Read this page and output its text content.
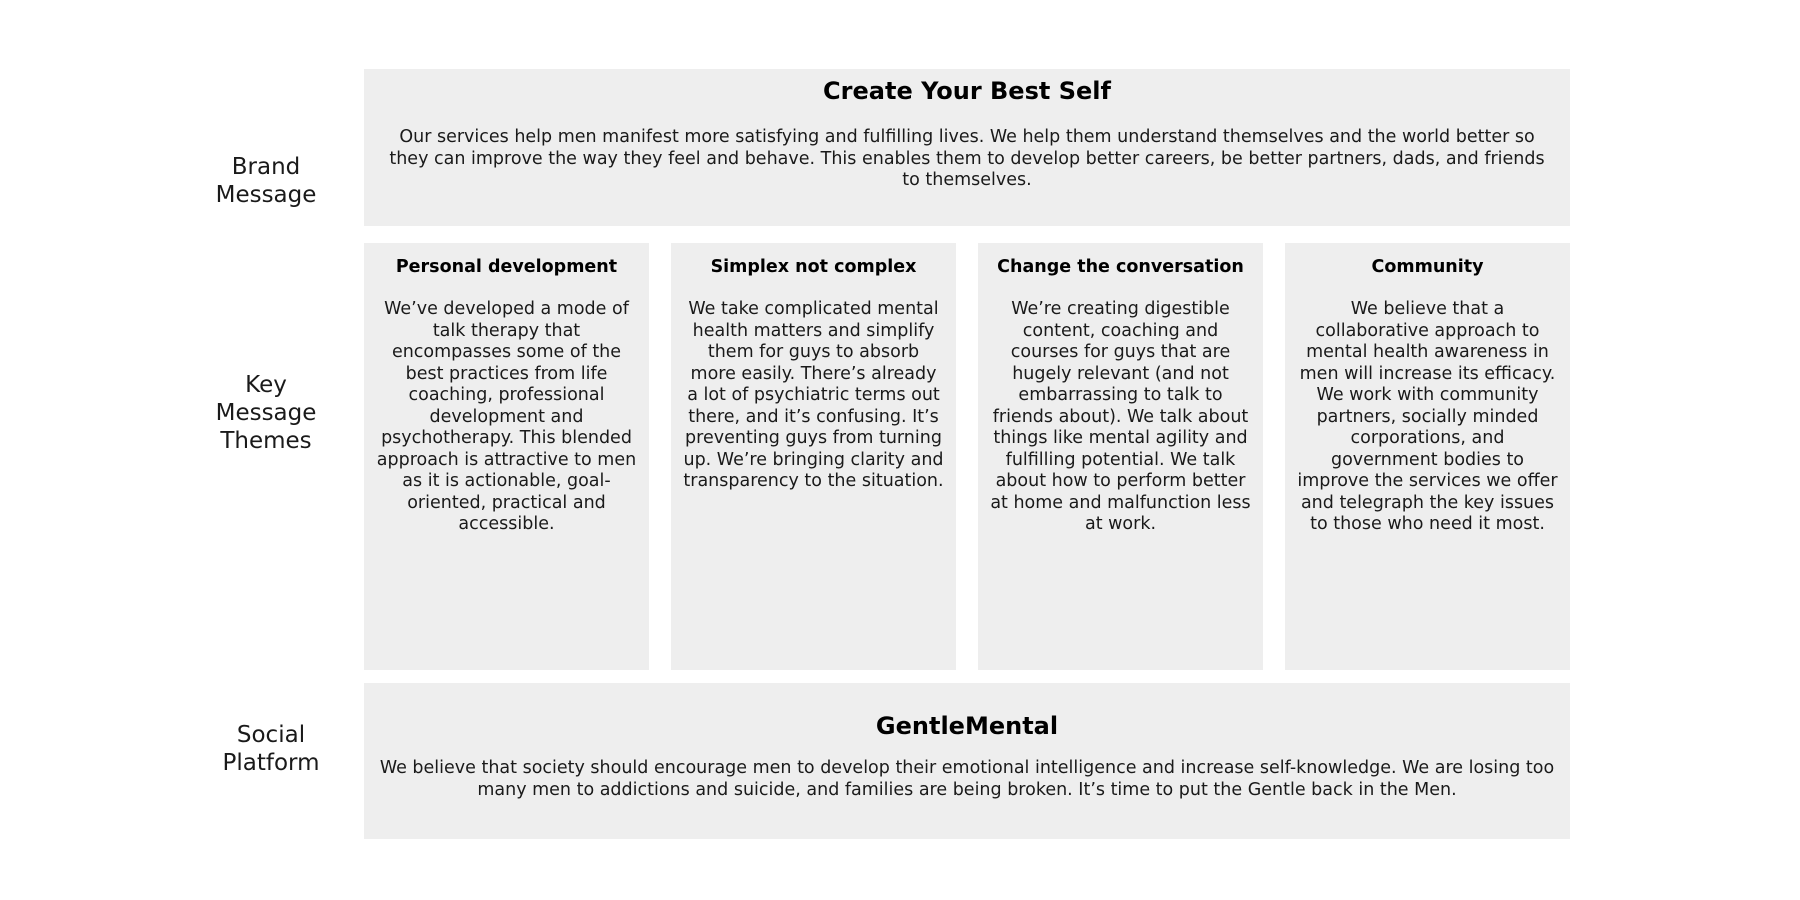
Brand
Message
Key
Message
Themes
Social
Platform
Create Your Best Self

Our services help men manifest more satisfying and fulfilling lives. We help them understand themselves and the world better so they can improve the way they feel and behave. This enables them to develop better careers, be better partners, dads, and friends to themselves.

Personal development

We’ve developed a mode of talk therapy that encompasses some of the best practices from life coaching, professional development and psychotherapy. This blended approach is attractive to men as it is actionable, goal-oriented, practical and accessible.

Simplex not complex

We take complicated mental health matters and simplify them for guys to absorb more easily. There’s already a lot of psychiatric terms out there, and it’s confusing. It’s preventing guys from turning up. We’re bringing clarity and transparency to the situation.

Change the conversation

We’re creating digestible content, coaching and courses for guys that are hugely relevant (and not embarrassing to talk to friends about). We talk about things like mental agility and fulfilling potential. We talk about how to perform better at home and malfunction less at work.

Community

We believe that a collaborative approach to mental health awareness in men will increase its efficacy. We work with community partners, socially minded corporations, and government bodies to improve the services we offer and telegraph the key issues to those who need it most.

GentleMental

We believe that society should encourage men to develop their emotional intelligence and increase self-knowledge. We are losing too many men to addictions and suicide, and families are being broken. It’s time to put the Gentle back in the Men.
